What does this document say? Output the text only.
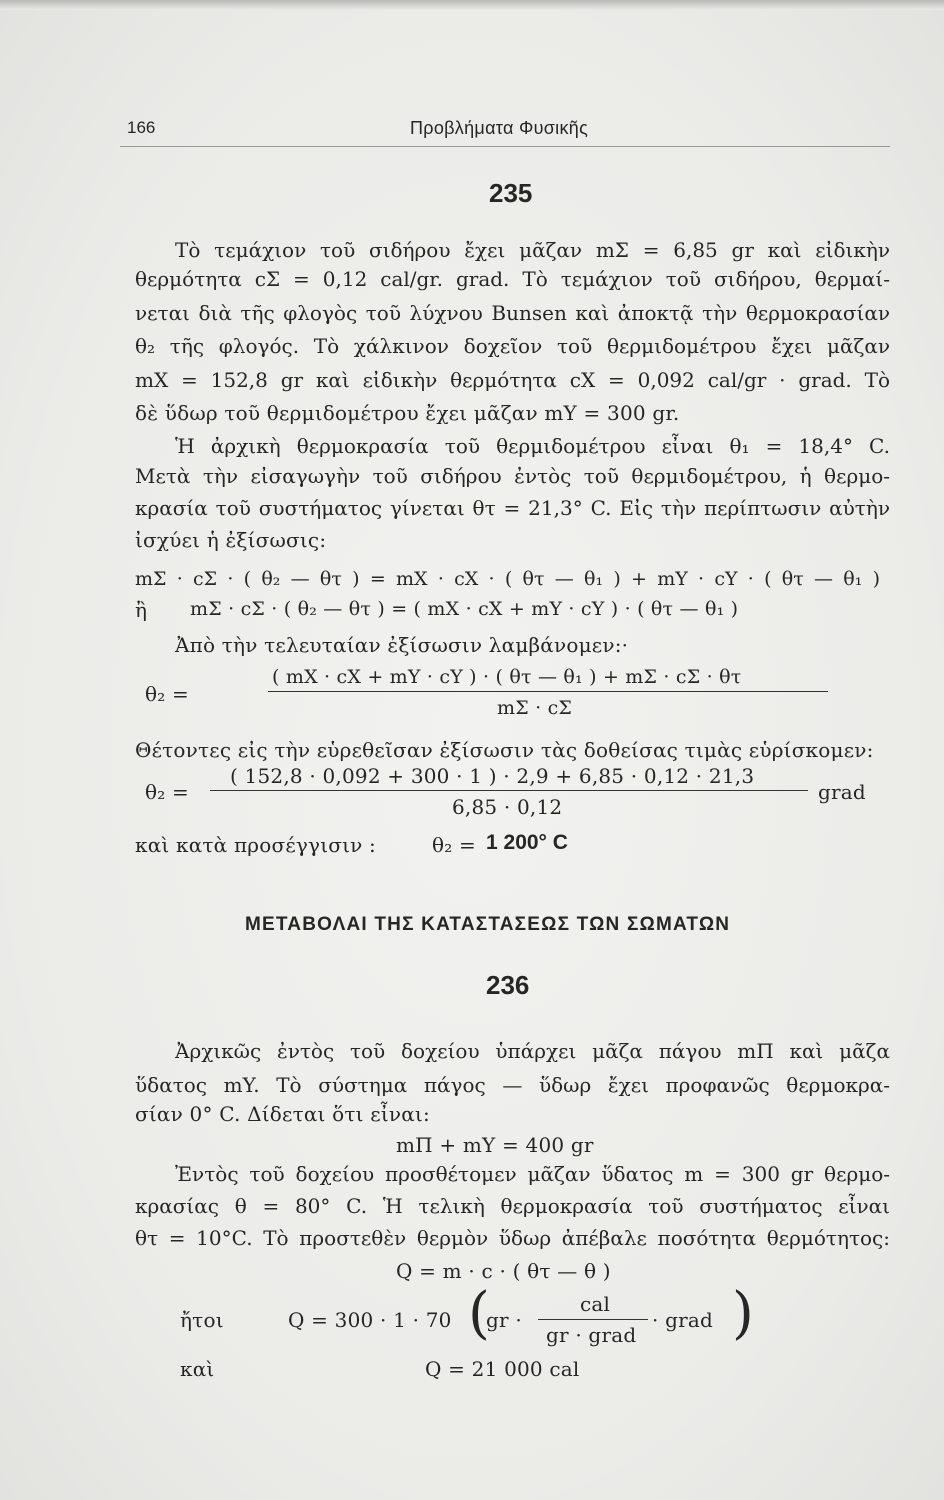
166	Προβλήματα Φυσικῆς
235
Τὸ τεμάχιον τοῦ σιδήρου ἔχει μᾶζαν mΣ = 6,85 gr καὶ εἰδικὴν
θερμότητα cΣ = 0,12 cal/gr. grad. Τὸ τεμάχιον τοῦ σιδήρου, θερμαί-
νεται διὰ τῆς φλογὸς τοῦ λύχνου Bunsen καὶ ἀποκτᾷ τὴν θερμοκρασίαν
θ₂ τῆς φλογός. Τὸ χάλκινον δοχεῖον τοῦ θερμιδομέτρου ἔχει μᾶζαν
mX = 152,8 gr καὶ εἰδικὴν θερμότητα cX = 0,092 cal/gr · grad. Τὸ
δὲ ὕδωρ τοῦ θερμιδομέτρου ἔχει μᾶζαν mY = 300 gr.
Ἡ ἀρχικὴ θερμοκρασία τοῦ θερμιδομέτρου εἶναι θ₁ = 18,4° C.
Μετὰ τὴν εἰσαγωγὴν τοῦ σιδήρου ἐντὸς τοῦ θερμιδομέτρου, ἡ θερμο-
κρασία τοῦ συστήματος γίνεται θτ = 21,3° C. Εἰς τὴν περίπτωσιν αὐτὴν
ἰσχύει ἡ ἐξίσωσις:
mΣ · cΣ · ( θ₂ — θτ ) = mX · cX · ( θτ — θ₁ ) + mY · cY · ( θτ — θ₁ )
ἢ mΣ · cΣ · ( θ₂ — θτ ) = ( mX · cX + mY · cY ) · ( θτ — θ₁ )
Ἀπὸ τὴν τελευταίαν ἐξίσωσιν λαμβάνομεν:·
θ₂ =
( mX · cX + mY · cY ) · ( θτ — θ₁ ) + mΣ · cΣ · θτ
mΣ · cΣ
Θέτοντες εἰς τὴν εὑρεθεῖσαν ἐξίσωσιν τὰς δοθείσας τιμὰς εὑρίσκομεν:
θ₂ =
( 152,8 · 0,092 + 300 · 1 ) · 2,9 + 6,85 · 0,12 · 21,3
6,85 · 0,12
grad
καὶ κατὰ προσέγγισιν :	θ₂ = 1 200° C
ΜΕΤΑΒΟΛΑΙ ΤΗΣ ΚΑΤΑΣΤΑΣΕΩΣ ΤΩΝ ΣΩΜΑΤΩΝ
236
Ἀρχικῶς ἐντὸς τοῦ δοχείου ὑπάρχει μᾶζα πάγου mΠ καὶ μᾶζα
ὕδατος mY. Τὸ σύστημα πάγος — ὕδωρ ἔχει προφανῶς θερμοκρα-
σίαν 0° C. Δίδεται ὅτι εἶναι:
mΠ + mY = 400 gr
Ἐντὸς τοῦ δοχείου προσθέτομεν μᾶζαν ὕδατος m = 300 gr θερμο-
κρασίας θ = 80° C. Ἡ τελικὴ θερμοκρασία τοῦ συστήματος εἶναι
θτ = 10°C. Τὸ προστεθὲν θερμὸν ὕδωρ ἀπέβαλε ποσότητα θερμότητος:
Q = m · c · ( θτ — θ )
ἤτοι	Q = 300 · 1 · 70 (
gr ·
cal
gr · grad
· grad )
καὶ	Q = 21 000 cal
